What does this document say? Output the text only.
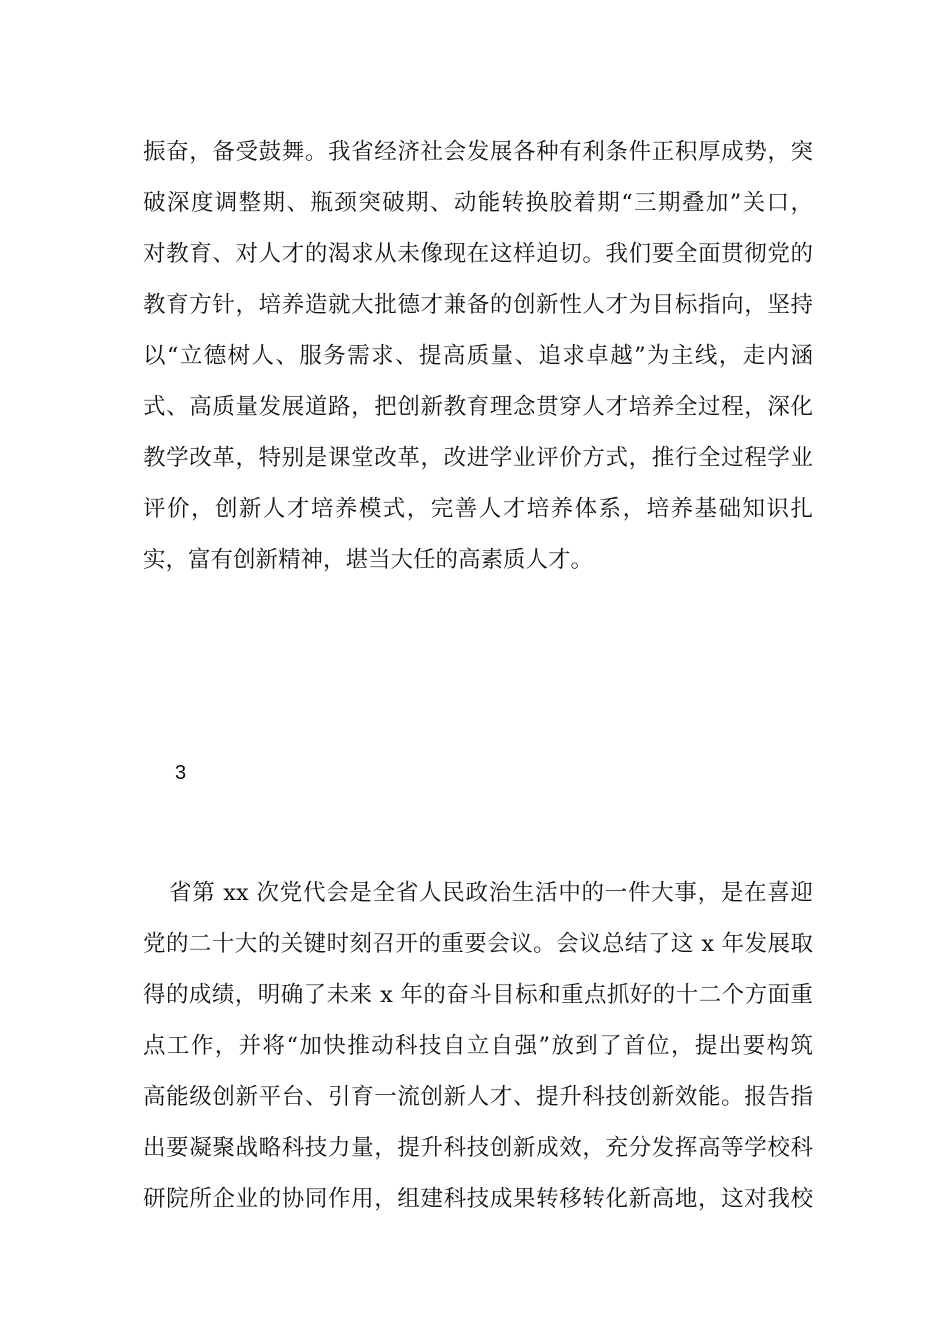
振奋，备受鼓舞。我省经济社会发展各种有利条件正积厚成势，突
破深度调整期、瓶颈突破期、动能转换胶着期“三期叠加”关口，
对教育、对人才的渴求从未像现在这样迫切。我们要全面贯彻党的
教育方针，培养造就大批德才兼备的创新性人才为目标指向，坚持
以“立德树人、服务需求、提高质量、追求卓越”为主线，走内涵
式、高质量发展道路，把创新教育理念贯穿人才培养全过程，深化
教学改革，特别是课堂改革，改进学业评价方式，推行全过程学业
评价，创新人才培养模式，完善人才培养体系，培养基础知识扎
实，富有创新精神，堪当大任的高素质人才。
3
省第 xx 次党代会是全省人民政治生活中的一件大事，是在喜迎
党的二十大的关键时刻召开的重要会议。会议总结了这 x 年发展取
得的成绩，明确了未来 x 年的奋斗目标和重点抓好的十二个方面重
点工作，并将“加快推动科技自立自强”放到了首位，提出要构筑
高能级创新平台、引育一流创新人才、提升科技创新效能。报告指
出要凝聚战略科技力量，提升科技创新成效，充分发挥高等学校科
研院所企业的协同作用，组建科技成果转移转化新高地，这对我校
